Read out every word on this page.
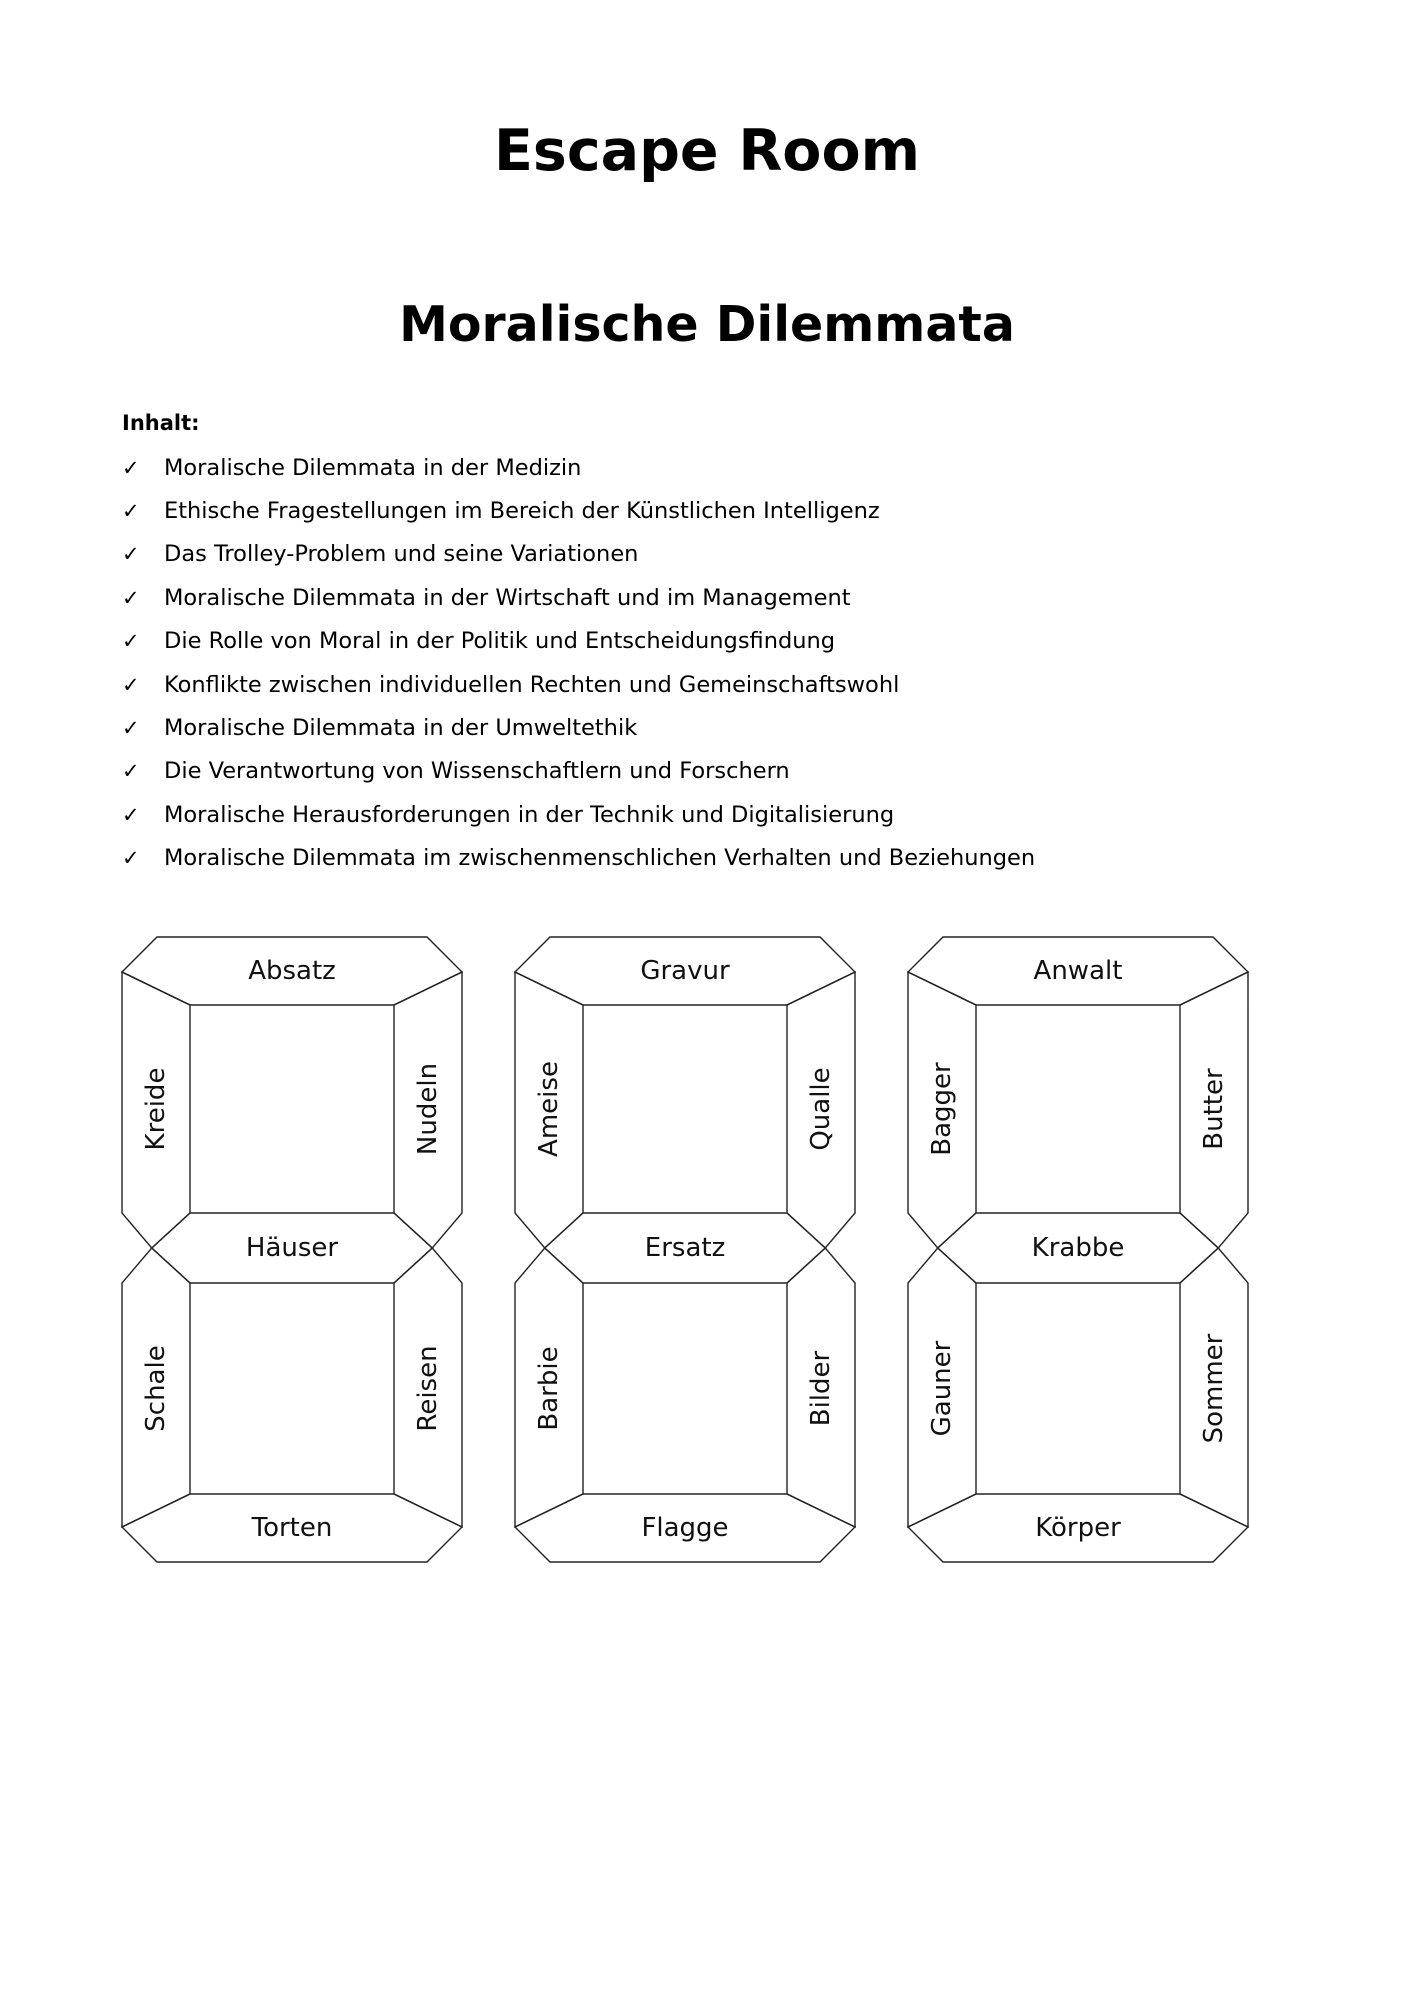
Escape Room
Moralische Dilemmata
Inhalt:
✓	Moralische Dilemmata in der Medizin
✓	Ethische Fragestellungen im Bereich der Künstlichen Intelligenz
✓	Das Trolley-Problem und seine Variationen
✓	Moralische Dilemmata in der Wirtschaft und im Management
✓	Die Rolle von Moral in der Politik und Entscheidungsfindung
✓	Konflikte zwischen individuellen Rechten und Gemeinschaftswohl
✓	Moralische Dilemmata in der Umweltethik
✓	Die Verantwortung von Wissenschaftlern und Forschern
✓	Moralische Herausforderungen in der Technik und Digitalisierung
✓	Moralische Dilemmata im zwischenmenschlichen Verhalten und Beziehungen
Absatz
Kreide	Nudeln
Häuser
Schale	Reisen
Torten
Gravur
Ameise	Qualle
Ersatz
Barbie	Bilder
Flagge
Anwalt
Bagger	Butter
Krabbe
Gauner	Sommer
Körper
